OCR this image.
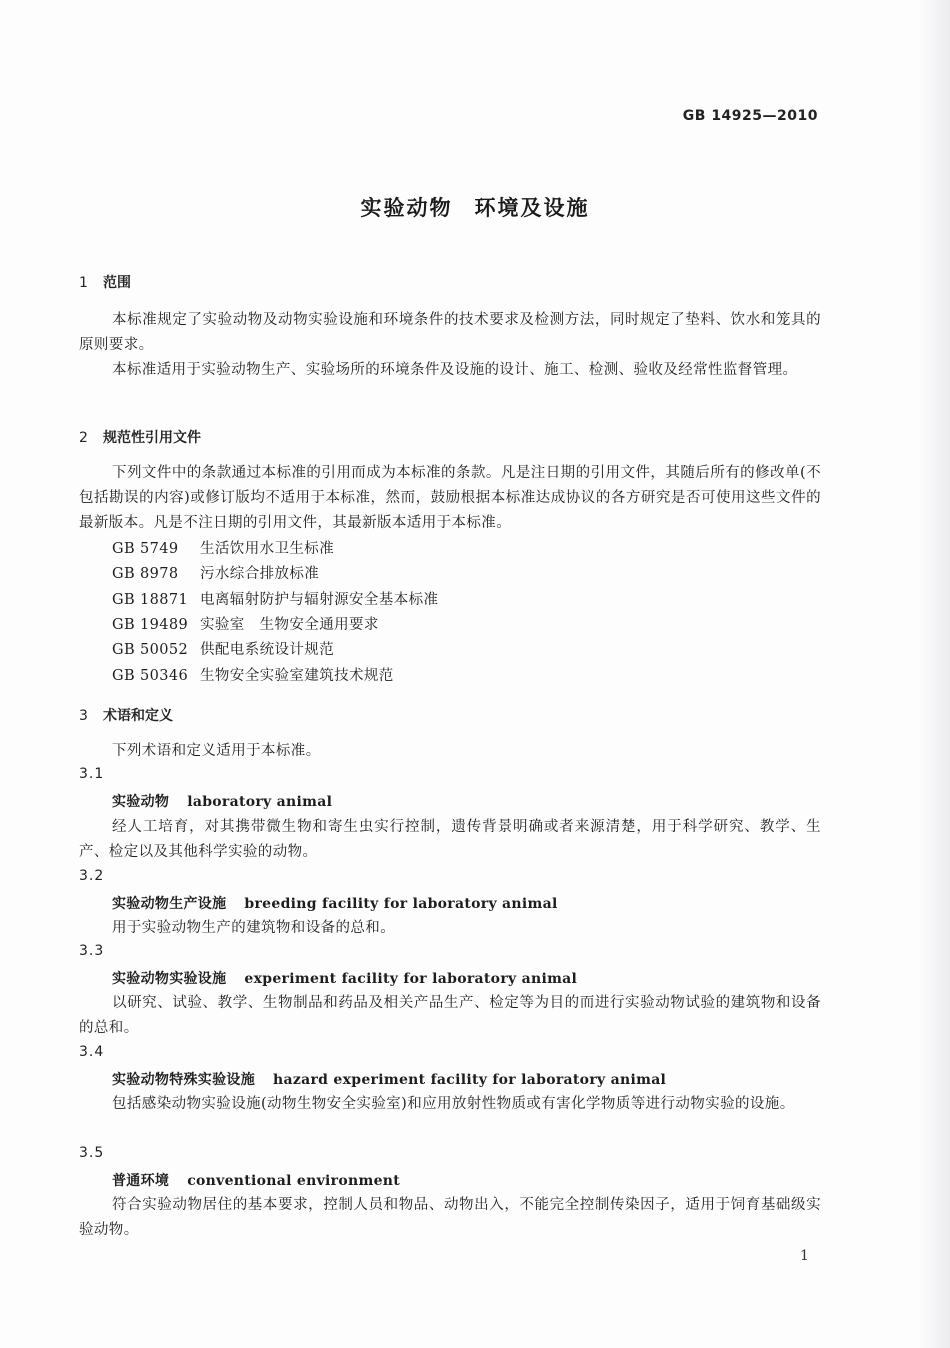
GB 14925—2010
实验动物 环境及设施
1 范围
本标准规定了实验动物及动物实验设施和环境条件的技术要求及检测方法，同时规定了垫料、饮水和笼具的原则要求。
本标准适用于实验动物生产、实验场所的环境条件及设施的设计、施工、检测、验收及经常性监督管理。
2 规范性引用文件
下列文件中的条款通过本标准的引用而成为本标准的条款。凡是注日期的引用文件，其随后所有的修改单(不包括勘误的内容)或修订版均不适用于本标准，然而，鼓励根据本标准达成协议的各方研究是否可使用这些文件的最新版本。凡是不注日期的引用文件，其最新版本适用于本标准。
GB 5749 生活饮用水卫生标准
GB 8978 污水综合排放标准
GB 18871 电离辐射防护与辐射源安全基本标准
GB 19489 实验室　生物安全通用要求
GB 50052 供配电系统设计规范
GB 50346 生物安全实验室建筑技术规范
3 术语和定义
下列术语和定义适用于本标准。
3.1
实验动物 laboratory animal
经人工培育，对其携带微生物和寄生虫实行控制，遗传背景明确或者来源清楚，用于科学研究、教学、生产、检定以及其他科学实验的动物。
3.2
实验动物生产设施 breeding facility for laboratory animal
用于实验动物生产的建筑物和设备的总和。
3.3
实验动物实验设施 experiment facility for laboratory animal
以研究、试验、教学、生物制品和药品及相关产品生产、检定等为目的而进行实验动物试验的建筑物和设备的总和。
3.4
实验动物特殊实验设施 hazard experiment facility for laboratory animal
包括感染动物实验设施(动物生物安全实验室)和应用放射性物质或有害化学物质等进行动物实验的设施。
3.5
普通环境 conventional environment
符合实验动物居住的基本要求，控制人员和物品、动物出入，不能完全控制传染因子，适用于饲育基础级实验动物。
1
